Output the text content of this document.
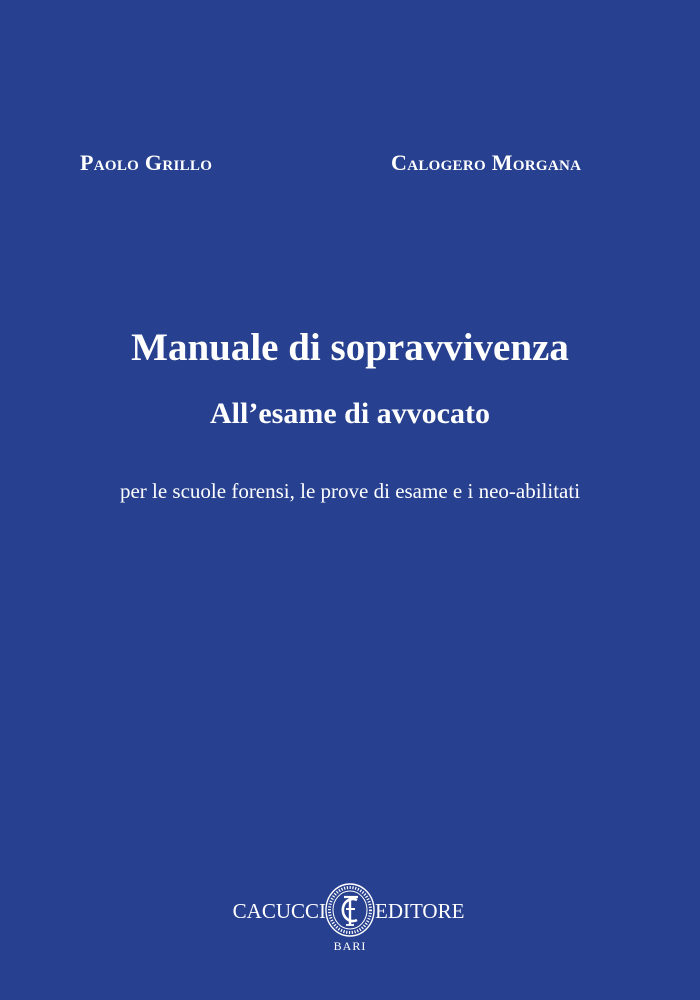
Paolo Grillo	Calogero Morgana
Manuale di sopravvivenza
All’esame di avvocato
per le scuole forensi, le prove di esame e i neo-abilitati
CACUCCI EDITORE
BARI
